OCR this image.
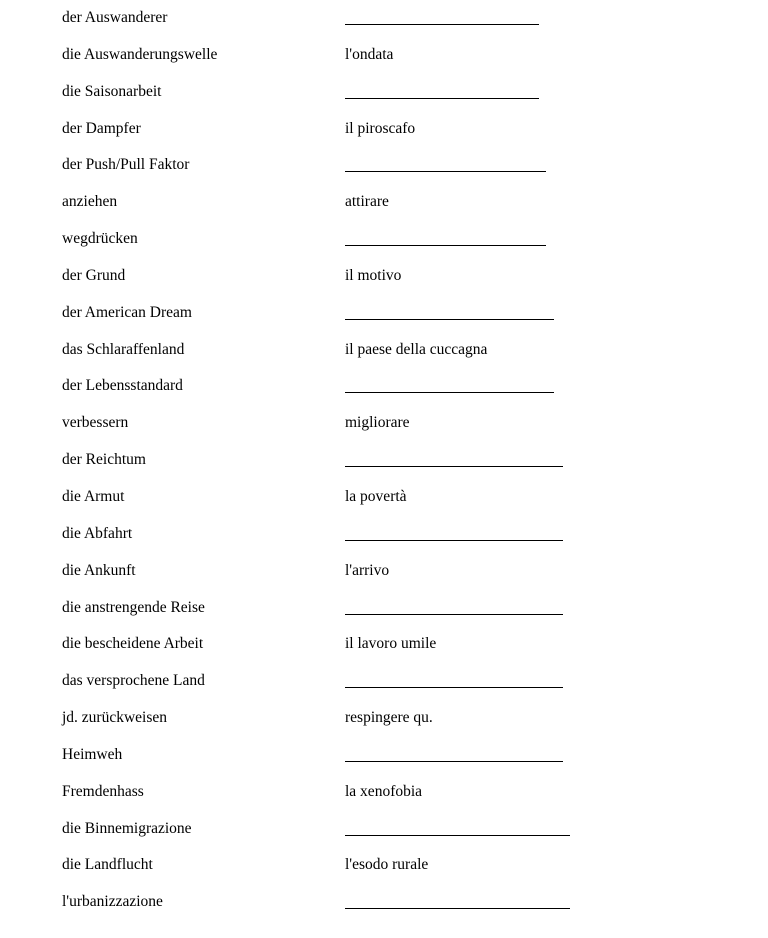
der Auswanderer
die Auswanderungswelle	l'ondata
die Saisonarbeit
der Dampfer	il piroscafo
der Push/Pull Faktor
anziehen	attirare
wegdrücken
der Grund	il motivo
der American Dream
das Schlaraffenland	il paese della cuccagna
der Lebensstandard
verbessern	migliorare
der Reichtum
die Armut	la povertà
die Abfahrt
die Ankunft	l'arrivo
die anstrengende Reise
die bescheidene Arbeit	il lavoro umile
das versprochene Land
jd. zurückweisen	respingere qu.
Heimweh
Fremdenhass	la xenofobia
die Binnemigrazione
die Landflucht	l'esodo rurale
l'urbanizzazione
